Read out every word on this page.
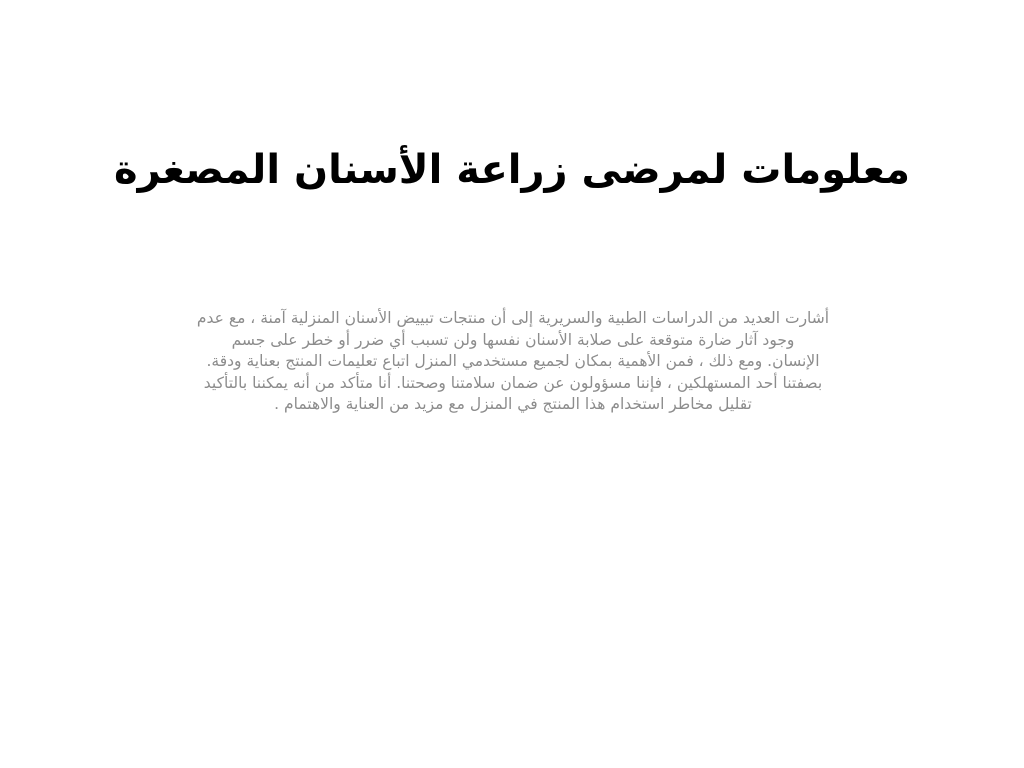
معلومات لمرضى زراعة الأسنان المصغرة
أشارت العديد من الدراسات الطبية والسريرية إلى أن منتجات تبييض الأسنان المنزلية آمنة ، مع عدم
وجود آثار ضارة متوقعة على صلابة الأسنان نفسها ولن تسبب أي ضرر أو خطر على جسم
الإنسان. ومع ذلك ، فمن الأهمية بمكان لجميع مستخدمي المنزل اتباع تعليمات المنتج بعناية ودقة.
بصفتنا أحد المستهلكين ، فإننا مسؤولون عن ضمان سلامتنا وصحتنا. أنا متأكد من أنه يمكننا بالتأكيد
تقليل مخاطر استخدام هذا المنتج في المنزل مع مزيد من العناية والاهتمام .
